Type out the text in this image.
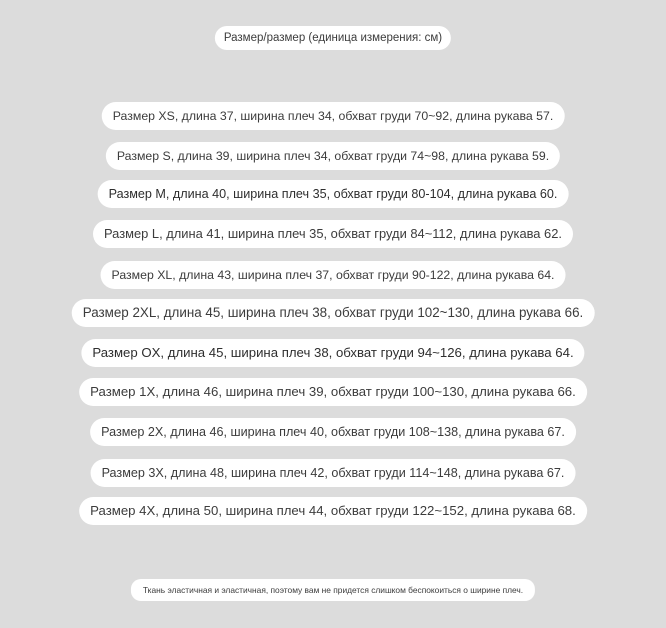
Размер/размер (единица измерения: см)
Размер XS, длина 37, ширина плеч 34, обхват груди 70~92, длина рукава 57.
Размер S, длина 39, ширина плеч 34, обхват груди 74~98, длина рукава 59.
Размер M, длина 40, ширина плеч 35, обхват груди 80-104, длина рукава 60.
Размер L, длина 41, ширина плеч 35, обхват груди 84~112, длина рукава 62.
Размер XL, длина 43, ширина плеч 37, обхват груди 90-122, длина рукава 64.
Размер 2XL, длина 45, ширина плеч 38, обхват груди 102~130, длина рукава 66.
Размер OX, длина 45, ширина плеч 38, обхват груди 94~126, длина рукава 64.
Размер 1X, длина 46, ширина плеч 39, обхват груди 100~130, длина рукава 66.
Размер 2X, длина 46, ширина плеч 40, обхват груди 108~138, длина рукава 67.
Размер 3X, длина 48, ширина плеч 42, обхват груди 114~148, длина рукава 67.
Размер 4X, длина 50, ширина плеч 44, обхват груди 122~152, длина рукава 68.
Ткань эластичная и эластичная, поэтому вам не придется слишком беспокоиться о ширине плеч.
